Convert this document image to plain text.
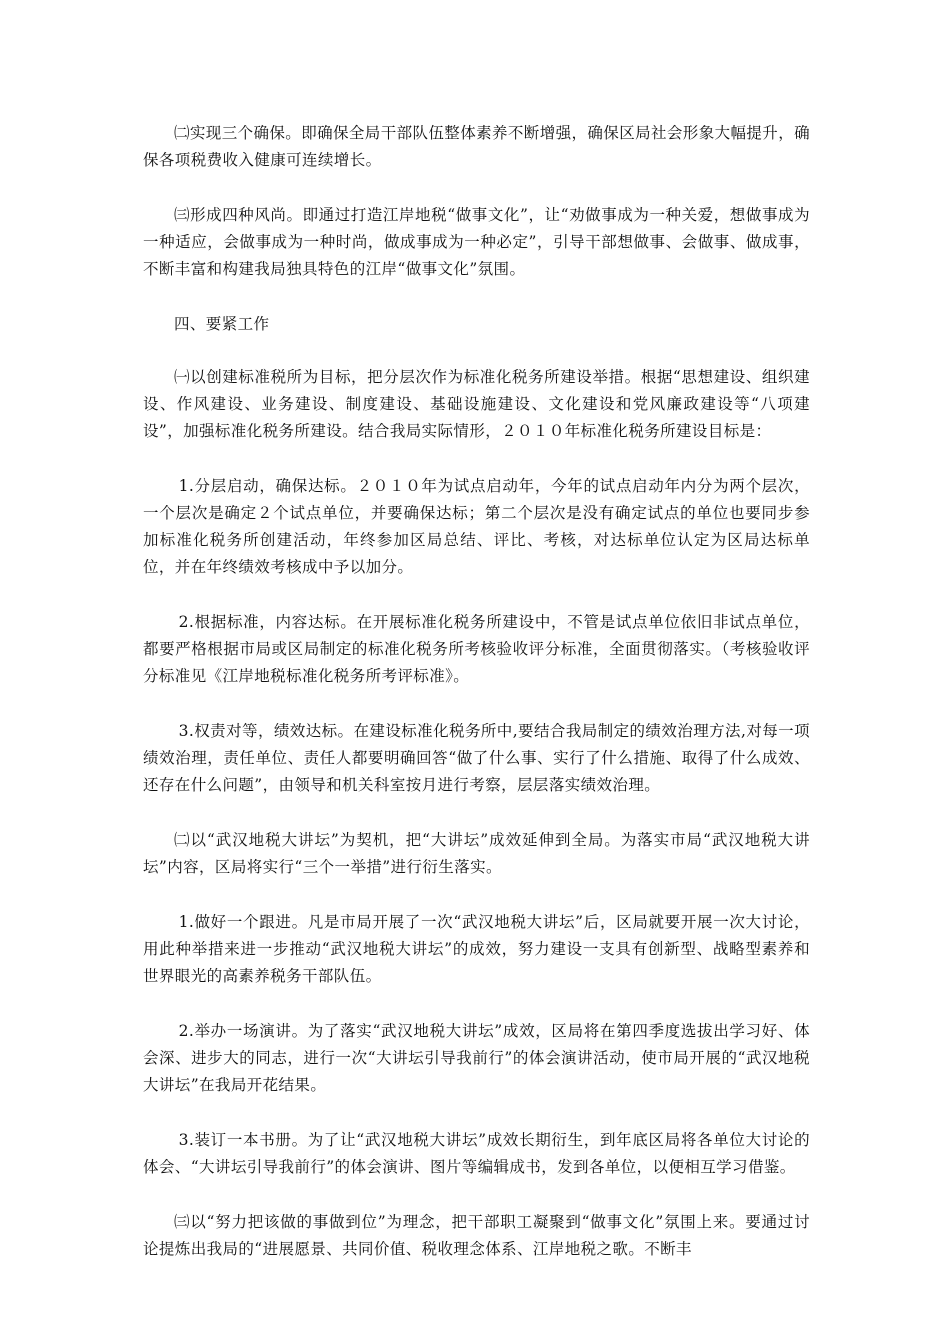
㈡实现三个确保。即确保全局干部队伍整体素养不断增强，确保区局社会形象大幅提升，确保各项税费收入健康可连续增长。

㈢形成四种风尚。即通过打造江岸地税“做事文化”，让“劝做事成为一种关爱，想做事成为一种适应，会做事成为一种时尚，做成事成为一种必定”，引导干部想做事、会做事、做成事，不断丰富和构建我局独具特色的江岸“做事文化”氛围。

四、要紧工作

㈠以创建标准税所为目标，把分层次作为标准化税务所建设举措。根据“思想建设、组织建设、作风建设、业务建设、制度建设、基础设施建设、文化建设和党风廉政建设等“八项建设”，加强标准化税务所建设。结合我局实际情形，２０１０年标准化税务所建设目标是：

1.分层启动，确保达标。２０１０年为试点启动年，今年的试点启动年内分为两个层次，一个层次是确定２个试点单位，并要确保达标；第二个层次是没有确定试点的单位也要同步参加标准化税务所创建活动，年终参加区局总结、评比、考核，对达标单位认定为区局达标单位，并在年终绩效考核成中予以加分。

2.根据标准，内容达标。在开展标准化税务所建设中，不管是试点单位依旧非试点单位，都要严格根据市局或区局制定的标准化税务所考核验收评分标准，全面贯彻落实。（考核验收评分标准见《江岸地税标准化税务所考评标准》。

3.权责对等，绩效达标。在建设标准化税务所中,要结合我局制定的绩效治理方法,对每一项绩效治理，责任单位、责任人都要明确回答“做了什么事、实行了什么措施、取得了什么成效、还存在什么问题”，由领导和机关科室按月进行考察，层层落实绩效治理。

㈡以“武汉地税大讲坛”为契机，把“大讲坛”成效延伸到全局。为落实市局“武汉地税大讲坛”内容，区局将实行“三个一举措”进行衍生落实。

1.做好一个跟进。凡是市局开展了一次“武汉地税大讲坛”后，区局就要开展一次大讨论，用此种举措来进一步推动“武汉地税大讲坛”的成效，努力建设一支具有创新型、战略型素养和世界眼光的高素养税务干部队伍。

2.举办一场演讲。为了落实“武汉地税大讲坛”成效，区局将在第四季度选拔出学习好、体会深、进步大的同志，进行一次“大讲坛引导我前行”的体会演讲活动，使市局开展的“武汉地税大讲坛”在我局开花结果。

3.装订一本书册。为了让“武汉地税大讲坛”成效长期衍生，到年底区局将各单位大讨论的体会、“大讲坛引导我前行”的体会演讲、图片等编辑成书，发到各单位，以便相互学习借鉴。

㈢以“努力把该做的事做到位”为理念，把干部职工凝聚到“做事文化”氛围上来。要通过讨论提炼出我局的“进展愿景、共同价值、税收理念体系、江岸地税之歌。不断丰
